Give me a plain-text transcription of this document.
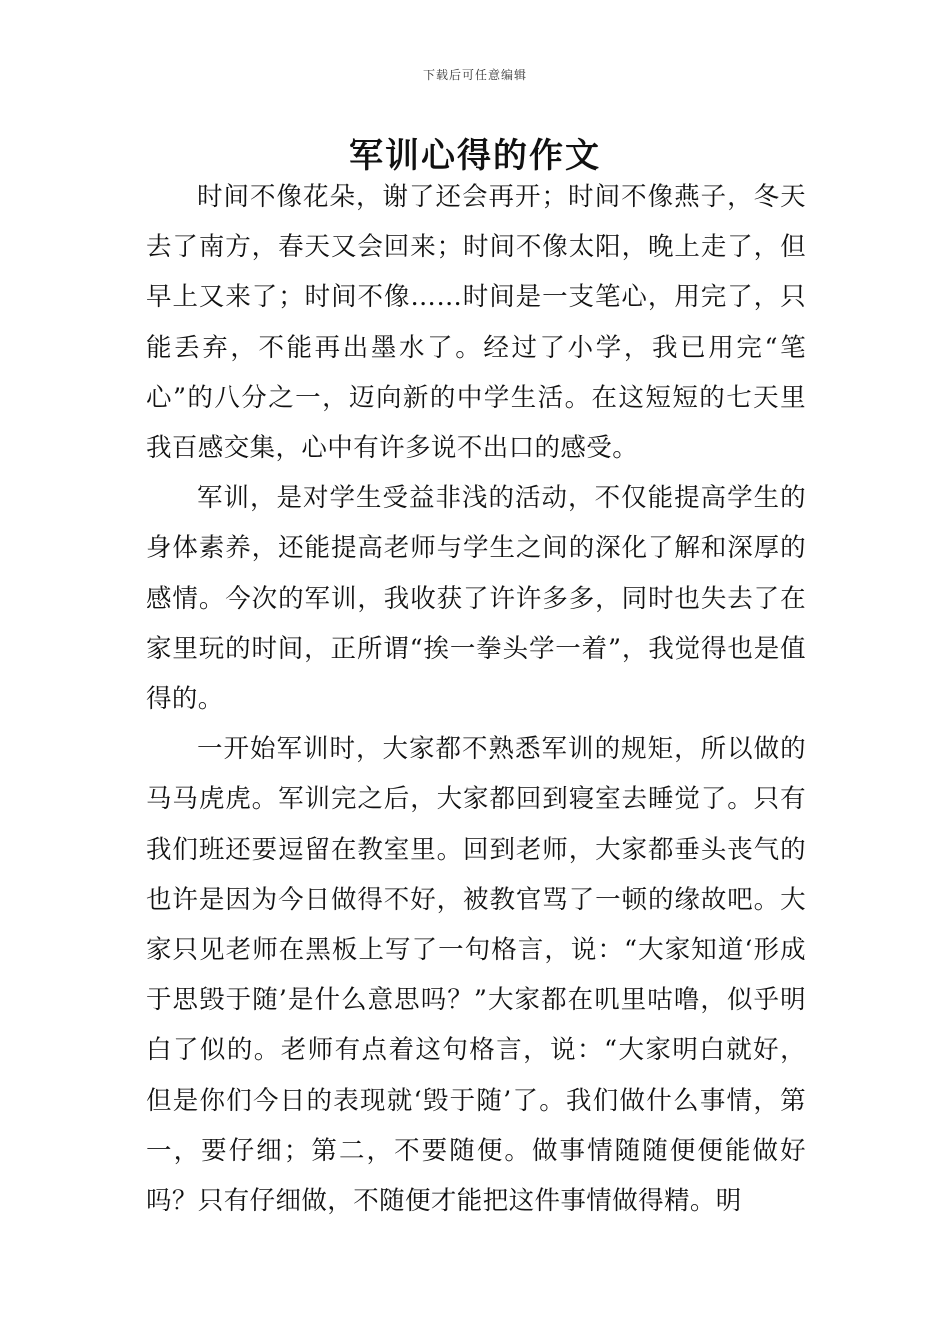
下载后可任意编辑
军训心得的作文

时间不像花朵，谢了还会再开；时间不像燕子，冬天去了南方，春天又会回来；时间不像太阳，晚上走了，但早上又来了；时间不像……时间是一支笔心，用完了，只能丢弃，不能再出墨水了。经过了小学，我已用完“笔心”的八分之一，迈向新的中学生活。在这短短的七天里我百感交集，心中有许多说不出口的感受。

军训，是对学生受益非浅的活动，不仅能提高学生的身体素养，还能提高老师与学生之间的深化了解和深厚的感情。今次的军训，我收获了许许多多，同时也失去了在家里玩的时间，正所谓“挨一拳头学一着”，我觉得也是值得的。

一开始军训时，大家都不熟悉军训的规矩，所以做的马马虎虎。军训完之后，大家都回到寝室去睡觉了。只有我们班还要逗留在教室里。回到老师，大家都垂头丧气的也许是因为今日做得不好，被教官骂了一顿的缘故吧。大家只见老师在黑板上写了一句格言，说：“大家知道‘形成于思毁于随’是什么意思吗？”大家都在叽里咕噜，似乎明白了似的。老师有点着这句格言，说：“大家明白就好，但是你们今日的表现就‘毁于随’了。我们做什么事情，第一，要仔细；第二，不要随便。做事情随随便便能做好吗？只有仔细做，不随便才能把这件事情做得精。明
